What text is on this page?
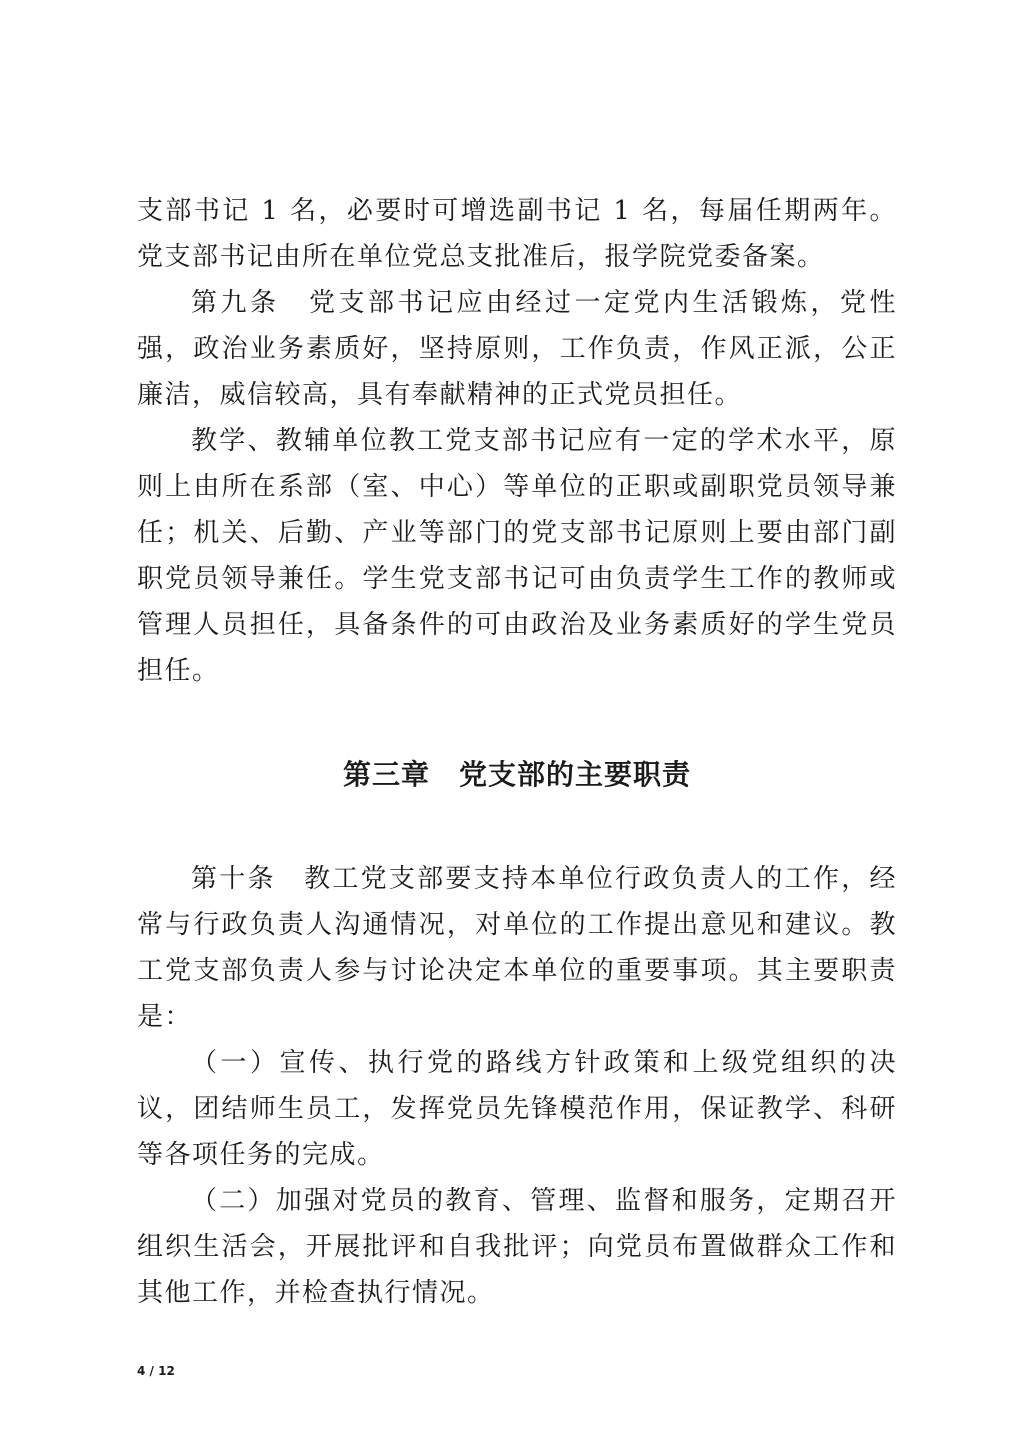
支部书记 1 名，必要时可增选副书记 1 名，每届任期两年。党支部书记由所在单位党总支批准后，报学院党委备案。

第九条　党支部书记应由经过一定党内生活锻炼，党性强，政治业务素质好，坚持原则，工作负责，作风正派，公正廉洁，威信较高，具有奉献精神的正式党员担任。

教学、教辅单位教工党支部书记应有一定的学术水平，原则上由所在系部（室、中心）等单位的正职或副职党员领导兼任；机关、后勤、产业等部门的党支部书记原则上要由部门副职党员领导兼任。学生党支部书记可由负责学生工作的教师或管理人员担任，具备条件的可由政治及业务素质好的学生党员担任。

第三章　党支部的主要职责

第十条　教工党支部要支持本单位行政负责人的工作，经常与行政负责人沟通情况，对单位的工作提出意见和建议。教工党支部负责人参与讨论决定本单位的重要事项。其主要职责是：

（一）宣传、执行党的路线方针政策和上级党组织的决议，团结师生员工，发挥党员先锋模范作用，保证教学、科研等各项任务的完成。

（二）加强对党员的教育、管理、监督和服务，定期召开组织生活会，开展批评和自我批评；向党员布置做群众工作和其他工作，并检查执行情况。

4 / 12
